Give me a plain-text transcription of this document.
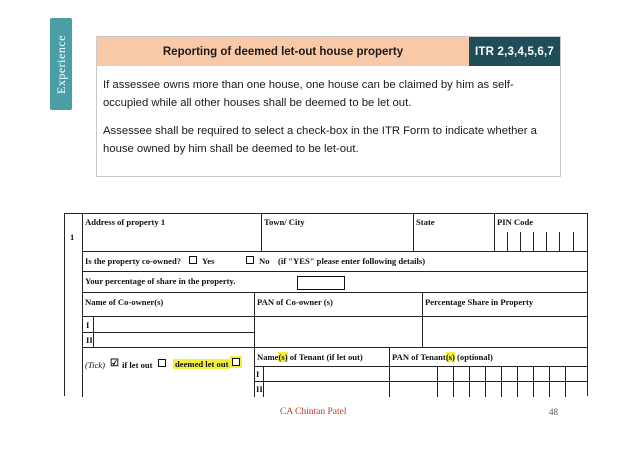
Experience	Reporting of deemed let-out house property	ITR 2,3,4,5,6,7

If assessee owns more than one house, one house can be claimed by him as self-occupied while all other houses shall be deemed to be let out.

Assessee shall be required to select a check-box in the ITR Form to indicate whether a house owned by him shall be deemed to be let-out.

1
Address of property 1	Town/ City	State	PIN Code
Is the property co-owned? Yes	No (if "YES" please enter following details)
Your percentage of share in the property.
Name of Co-owner(s)	PAN of Co-owner (s)	Percentage Share in Property
I
II
(Tick) ☑ if let out	deemed let out
Name(s) of Tenant (if let out)	PAN of Tenant(s) (optional)
I
II
CA Chintan Patel	48
